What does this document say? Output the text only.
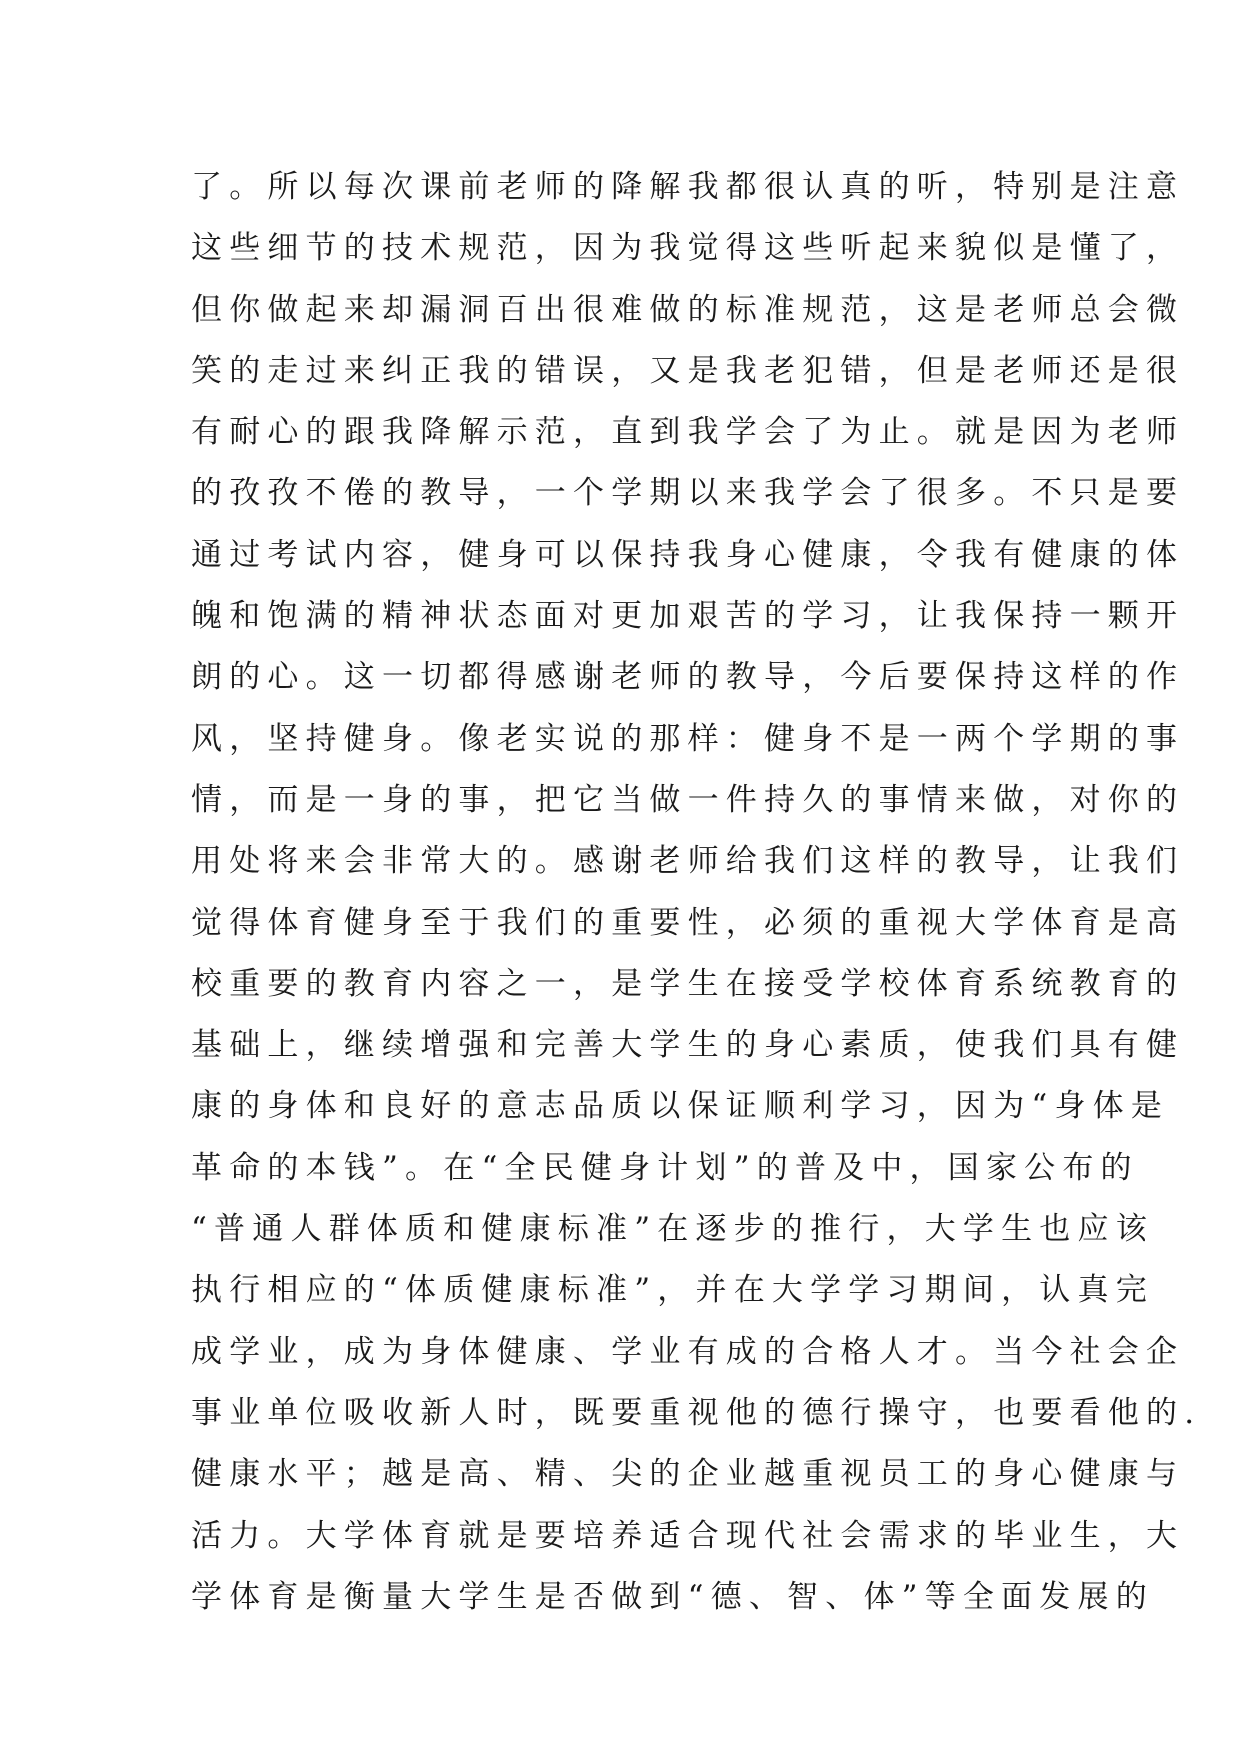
了。所以每次课前老师的降解我都很认真的听，特别是注意
这些细节的技术规范，因为我觉得这些听起来貌似是懂了，
但你做起来却漏洞百出很难做的标准规范，这是老师总会微
笑的走过来纠正我的错误，又是我老犯错，但是老师还是很
有耐心的跟我降解示范，直到我学会了为止。就是因为老师
的孜孜不倦的教导，一个学期以来我学会了很多。不只是要
通过考试内容，健身可以保持我身心健康，令我有健康的体
魄和饱满的精神状态面对更加艰苦的学习，让我保持一颗开
朗的心。这一切都得感谢老师的教导，今后要保持这样的作
风，坚持健身。像老实说的那样：健身不是一两个学期的事
情，而是一身的事，把它当做一件持久的事情来做，对你的
用处将来会非常大的。感谢老师给我们这样的教导，让我们
觉得体育健身至于我们的重要性，必须的重视大学体育是高
校重要的教育内容之一，是学生在接受学校体育系统教育的
基础上，继续增强和完善大学生的身心素质，使我们具有健
康的身体和良好的意志品质以保证顺利学习，因为“身体是
革命的本钱”。在“全民健身计划”的普及中，国家公布的
“普通人群体质和健康标准”在逐步的推行，大学生也应该
执行相应的“体质健康标准”，并在大学学习期间，认真完
成学业，成为身体健康、学业有成的合格人才。当今社会企
事业单位吸收新人时，既要重视他的德行操守，也要看他的.
健康水平；越是高、精、尖的企业越重视员工的身心健康与
活力。大学体育就是要培养适合现代社会需求的毕业生，大
学体育是衡量大学生是否做到“德、智、体”等全面发展的
